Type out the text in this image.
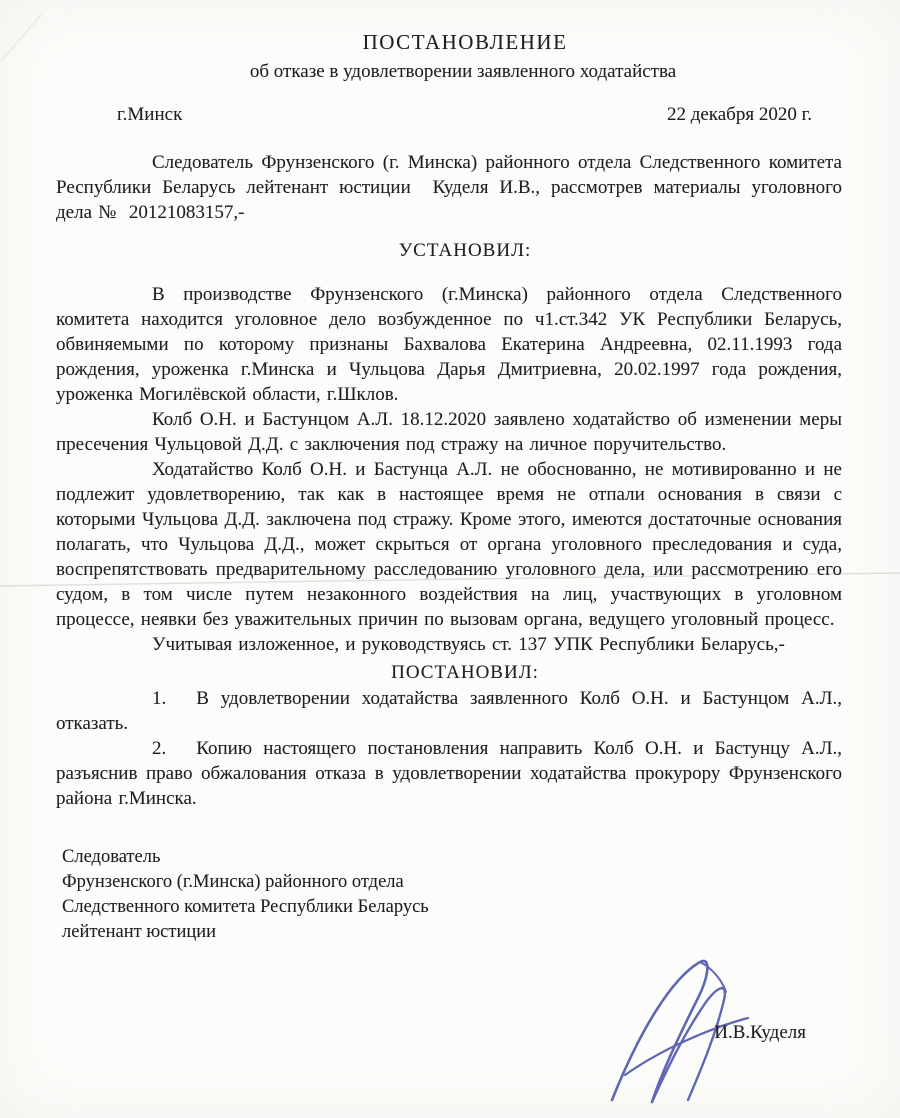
ПОСТАНОВЛЕНИЕ
об отказе в удовлетворении заявленного ходатайства
г.Минск	22 декабря 2020 г.

Следователь Фрунзенского (г. Минска) районного отдела Следственного комитета Республики Беларусь лейтенант юстиции  Куделя И.В., рассмотрев материалы уголовного дела №  20121083157,-

УСТАНОВИЛ:

В производстве Фрунзенского (г.Минска) районного отдела Следственного комитета находится уголовное дело возбужденное по ч1.ст.342 УК Республики Беларусь, обвиняемыми по которому признаны Бахвалова Екатерина Андреевна, 02.11.1993 года рождения, уроженка г.Минска и Чульцова Дарья Дмитриевна, 20.02.1997 года рождения, уроженка Могилёвской области, г.Шклов.

Колб О.Н. и Бастунцом А.Л. 18.12.2020 заявлено ходатайство об изменении меры пресечения Чульцовой Д.Д. с заключения под стражу на личное поручительство.

Ходатайство Колб О.Н. и Бастунца А.Л. не обоснованно, не мотивированно и не подлежит удовлетворению, так как в настоящее время не отпали основания в связи с которыми Чульцова Д.Д. заключена под стражу. Кроме этого, имеются достаточные основания полагать, что Чульцова Д.Д., может скрыться от органа уголовного преследования и суда, воспрепятствовать предварительному расследованию уголовного дела, или рассмотрению его судом, в том числе путем незаконного воздействия на лиц, участвующих в уголовном процессе, неявки без уважительных причин по вызовам органа, ведущего уголовный процесс.

Учитывая изложенное, и руководствуясь ст. 137 УПК Республики Беларусь,-

ПОСТАНОВИЛ:

1. В удовлетворении ходатайства заявленного Колб О.Н. и Бастунцом А.Л., отказать.

2. Копию настоящего постановления направить Колб О.Н. и Бастунцу А.Л., разъяснив право обжалования отказа в удовлетворении ходатайства прокурору Фрунзенского района г.Минска.

Следователь
Фрунзенского (г.Минска) районного отдела
Следственного комитета Республики Беларусь
лейтенант юстиции
И.В.Куделя
